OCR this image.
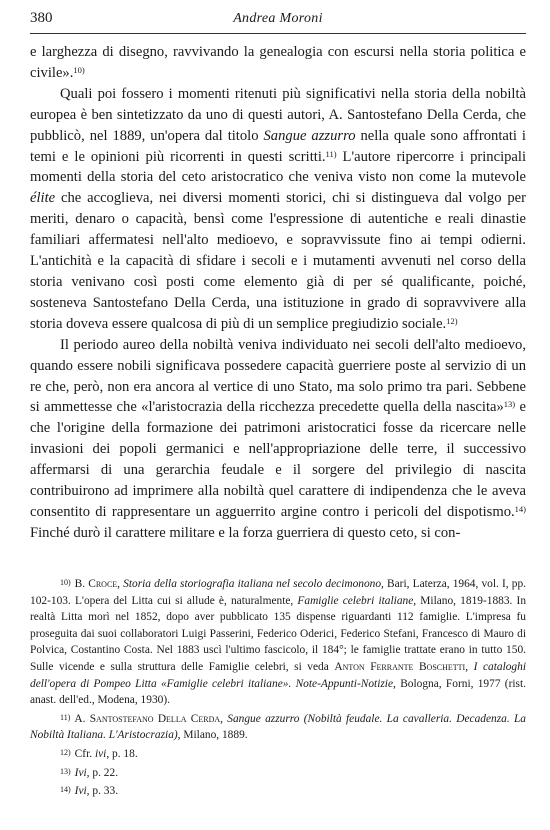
380	Andrea Moroni

e larghezza di disegno, ravvivando la genealogia con escursi nella storia politica e civile».$^{10)}$

Quali poi fossero i momenti ritenuti più significativi nella storia della nobiltà europea è ben sintetizzato da uno di questi autori, A. Santostefano Della Cerda, che pubblicò, nel 1889, un'opera dal titolo Sangue azzurro nella quale sono affrontati i temi e le opinioni più ricorrenti in questi scritti.$^{11)}$ L'autore ripercorre i principali momenti della storia del ceto aristocratico che veniva visto non come la mutevole élite che accoglieva, nei diversi momenti storici, chi si distingueva dal volgo per meriti, denaro o capacità, bensì come l'espressione di autentiche e reali dinastie familiari affermatesi nell'alto medioevo, e sopravvissute fino ai tempi odierni. L'antichità e la capacità di sfidare i secoli e i mutamenti avvenuti nel corso della storia venivano così posti come elemento già di per sé qualificante, poiché, sosteneva Santostefano Della Cerda, una istituzione in grado di sopravvivere alla storia doveva essere qualcosa di più di un semplice pregiudizio sociale.$^{12)}$

Il periodo aureo della nobiltà veniva individuato nei secoli dell'alto medioevo, quando essere nobili significava possedere capacità guerriere poste al servizio di un re che, però, non era ancora al vertice di uno Stato, ma solo primo tra pari. Sebbene si ammettesse che «l'aristocrazia della ricchezza precedette quella della nascita»$^{13)}$ e che l'origine della formazione dei patrimoni aristocratici fosse da ricercare nelle invasioni dei popoli germanici e nell'appropriazione delle terre, il successivo affermarsi di una gerarchia feudale e il sorgere del privilegio di nascita contribuirono ad imprimere alla nobiltà quel carattere di indipendenza che le aveva consentito di rappresentare un agguerrito argine contro i pericoli del dispotismo.$^{14)}$ Finché durò il carattere militare e la forza guerriera di questo ceto, si con-

10) B. Croce, Storia della storiografia italiana nel secolo decimonono, Bari, Laterza, 1964, vol. I, pp. 102-103. L'opera del Litta cui si allude è, naturalmente, Famiglie celebri italiane, Milano, 1819-1883. In realtà Litta morì nel 1852, dopo aver pubblicato 135 dispense riguardanti 112 famiglie. L'impresa fu proseguita dai suoi collaboratori Luigi Passerini, Federico Oderici, Federico Stefani, Francesco di Mauro di Polvica, Costantino Costa. Nel 1883 uscì l'ultimo fascicolo, il 184°; le famiglie trattate erano in tutto 150. Sulle vicende e sulla struttura delle Famiglie celebri, si veda Anton Ferrante Boschetti, I cataloghi dell'opera di Pompeo Litta «Famiglie celebri italiane». Note-Appunti-Notizie, Bologna, Forni, 1977 (rist. anast. dell'ed., Modena, 1930).

11) A. Santostefano Della Cerda, Sangue azzurro (Nobiltà feudale. La cavalleria. Decadenza. La Nobiltà Italiana. L'Aristocrazia), Milano, 1889.

12) Cfr. ivi, p. 18.

13) Ivi, p. 22.

14) Ivi, p. 33.
